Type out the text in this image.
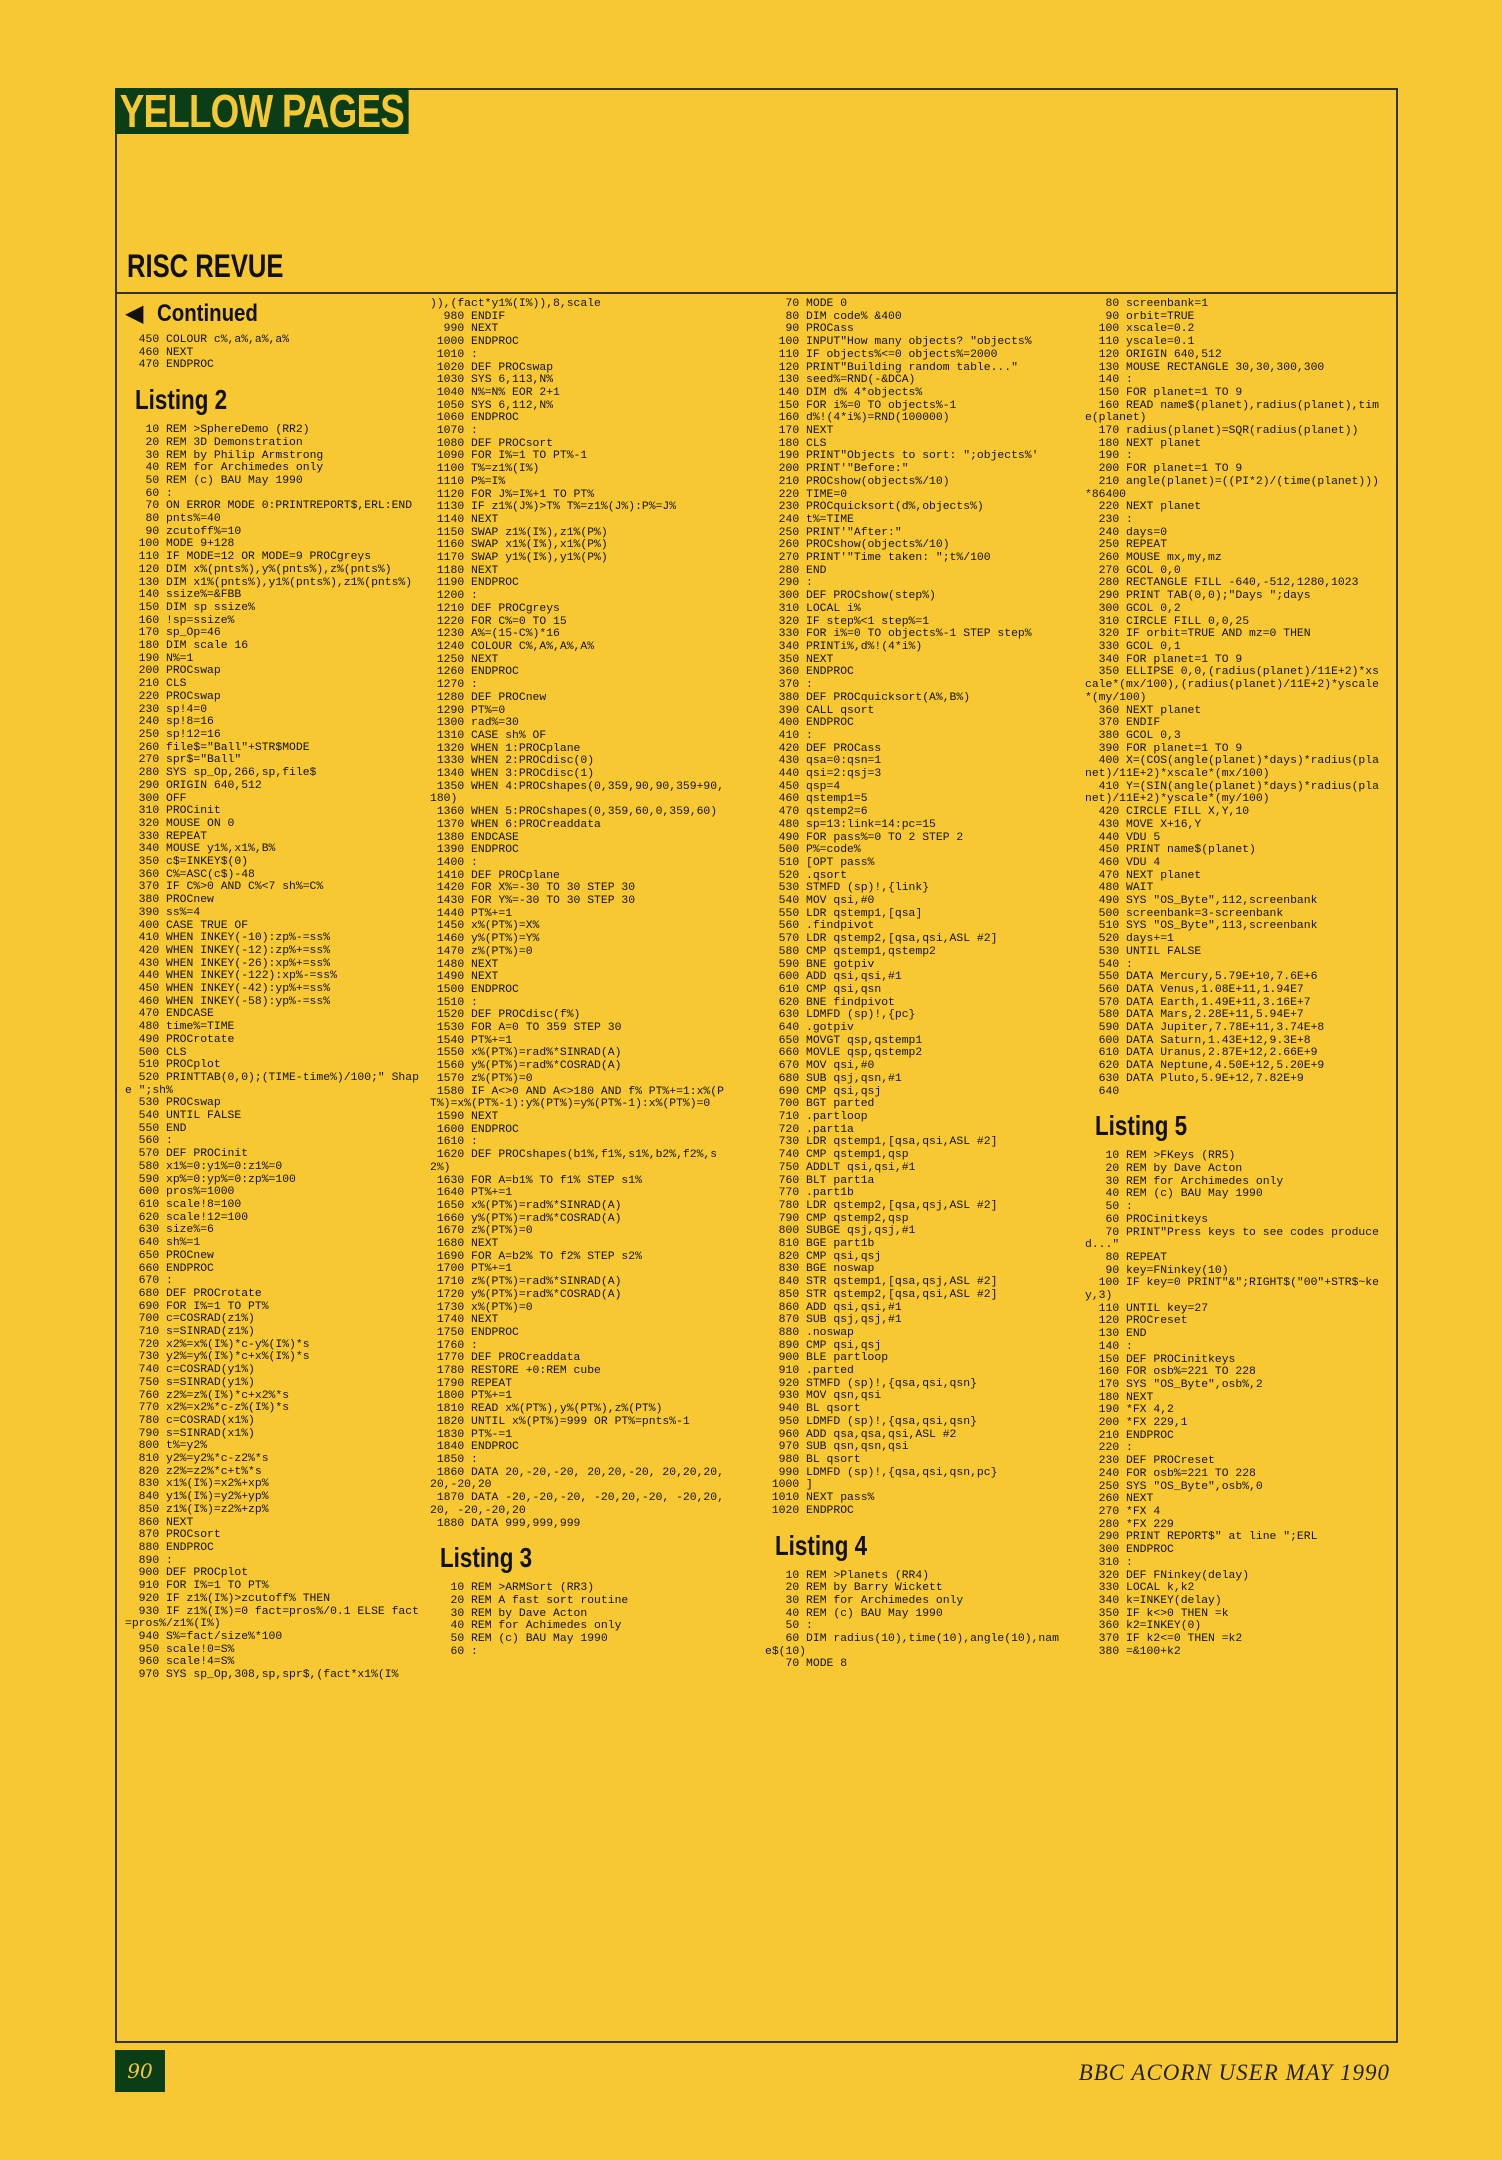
YELLOW PAGES
RISC REVUE
◀ Continued
450 COLOUR c%,a%,a%,a%
460 NEXT
470 ENDPROC
Listing 2
10 REM >SphereDemo (RR2)
20 REM 3D Demonstration
30 REM by Philip Armstrong
40 REM for Archimedes only
50 REM (c) BAU May 1990
60 :
70 ON ERROR MODE 0:PRINTREPORT$,ERL:END
80 pnts%=40
90 zcutoff%=10
100 MODE 9+128
110 IF MODE=12 OR MODE=9 PROCgreys
120 DIM x%(pnts%),y%(pnts%),z%(pnts%)
130 DIM x1%(pnts%),y1%(pnts%),z1%(pnts%)
140 ssize%=&FBB
150 DIM sp ssize%
160 !sp=ssize%
170 sp_Op=46
180 DIM scale 16
190 N%=1
200 PROCswap
210 CLS
220 PROCswap
230 sp!4=0
240 sp!8=16
250 sp!12=16
260 file$="Ball"+STR$MODE
270 spr$="Ball"
280 SYS sp_Op,266,sp,file$
290 ORIGIN 640,512
300 OFF
310 PROCinit
320 MOUSE ON 0
330 REPEAT
340 MOUSE y1%,x1%,B%
350 c$=INKEY$(0)
360 C%=ASC(c$)-48
370 IF C%>0 AND C%<7 sh%=C%
380 PROCnew
390 ss%=4
400 CASE TRUE OF
410 WHEN INKEY(-10):zp%-=ss%
420 WHEN INKEY(-12):zp%+=ss%
430 WHEN INKEY(-26):xp%+=ss%
440 WHEN INKEY(-122):xp%-=ss%
450 WHEN INKEY(-42):yp%+=ss%
460 WHEN INKEY(-58):yp%-=ss%
470 ENDCASE
480 time%=TIME
490 PROCrotate
500 CLS
510 PROCplot
520 PRINTTAB(0,0);(TIME-time%)/100;" Shape ";sh%
530 PROCswap
540 UNTIL FALSE
550 END
560 :
570 DEF PROCinit
580 x1%=0:y1%=0:z1%=0
590 xp%=0:yp%=0:zp%=100
600 pros%=1000
610 scale!8=100
620 scale!12=100
630 size%=6
640 sh%=1
650 PROCnew
660 ENDPROC
670 :
680 DEF PROCrotate
690 FOR I%=1 TO PT%
700 c=COSRAD(z1%)
710 s=SINRAD(z1%)
720 x2%=x%(I%)*c-y%(I%)*s
730 y2%=y%(I%)*c+x%(I%)*s
740 c=COSRAD(y1%)
750 s=SINRAD(y1%)
760 z2%=z%(I%)*c+x2%*s
770 x2%=x2%*c-z%(I%)*s
780 c=COSRAD(x1%)
790 s=SINRAD(x1%)
800 t%=y2%
810 y2%=y2%*c-z2%*s
820 z2%=z2%*c+t%*s
830 x1%(I%)=x2%+xp%
840 y1%(I%)=y2%+yp%
850 z1%(I%)=z2%+zp%
860 NEXT
870 PROCsort
880 ENDPROC
890 :
900 DEF PROCplot
910 FOR I%=1 TO PT%
920 IF z1%(I%)>zcutoff% THEN
930 IF z1%(I%)=0 fact=pros%/0.1 ELSE fact=pros%/z1%(I%)
940 S%=fact/size%*100
950 scale!0=S%
960 scale!4=S%
970 SYS sp_Op,308,sp,spr$,(fact*x1%(I%
)),(fact*y1%(I%)),8,scale
980 ENDIF
990 NEXT
1000 ENDPROC
1010 :
1020 DEF PROCswap
1030 SYS 6,113,N%
1040 N%=N% EOR 2+1
1050 SYS 6,112,N%
1060 ENDPROC
1070 :
1080 DEF PROCsort
1090 FOR I%=1 TO PT%-1
1100 T%=z1%(I%)
1110 P%=I%
1120 FOR J%=I%+1 TO PT%
1130 IF z1%(J%)>T% T%=z1%(J%):P%=J%
1140 NEXT
1150 SWAP z1%(I%),z1%(P%)
1160 SWAP x1%(I%),x1%(P%)
1170 SWAP y1%(I%),y1%(P%)
1180 NEXT
1190 ENDPROC
1200 :
1210 DEF PROCgreys
1220 FOR C%=0 TO 15
1230 A%=(15-C%)*16
1240 COLOUR C%,A%,A%,A%
1250 NEXT
1260 ENDPROC
1270 :
1280 DEF PROCnew
1290 PT%=0
1300 rad%=30
1310 CASE sh% OF
1320 WHEN 1:PROCplane
1330 WHEN 2:PROCdisc(0)
1340 WHEN 3:PROCdisc(1)
1350 WHEN 4:PROCshapes(0,359,90,90,359+90,180)
1360 WHEN 5:PROCshapes(0,359,60,0,359,60)
1370 WHEN 6:PROCreaddata
1380 ENDCASE
1390 ENDPROC
1400 :
1410 DEF PROCplane
1420 FOR X%=-30 TO 30 STEP 30
1430 FOR Y%=-30 TO 30 STEP 30
1440 PT%+=1
1450 x%(PT%)=X%
1460 y%(PT%)=Y%
1470 z%(PT%)=0
1480 NEXT
1490 NEXT
1500 ENDPROC
1510 :
1520 DEF PROCdisc(f%)
1530 FOR A=0 TO 359 STEP 30
1540 PT%+=1
1550 x%(PT%)=rad%*SINRAD(A)
1560 y%(PT%)=rad%*COSRAD(A)
1570 z%(PT%)=0
1580 IF A<>0 AND A<>180 AND f% PT%+=1:x%(PT%)=x%(PT%-1):y%(PT%)=y%(PT%-1):x%(PT%)=0
1590 NEXT
1600 ENDPROC
1610 :
1620 DEF PROCshapes(b1%,f1%,s1%,b2%,f2%,s2%)
1630 FOR A=b1% TO f1% STEP s1%
1640 PT%+=1
1650 x%(PT%)=rad%*SINRAD(A)
1660 y%(PT%)=rad%*COSRAD(A)
1670 z%(PT%)=0
1680 NEXT
1690 FOR A=b2% TO f2% STEP s2%
1700 PT%+=1
1710 z%(PT%)=rad%*SINRAD(A)
1720 y%(PT%)=rad%*COSRAD(A)
1730 x%(PT%)=0
1740 NEXT
1750 ENDPROC
1760 :
1770 DEF PROCreaddata
1780 RESTORE +0:REM cube
1790 REPEAT
1800 PT%+=1
1810 READ x%(PT%),y%(PT%),z%(PT%)
1820 UNTIL x%(PT%)=999 OR PT%=pnts%-1
1830 PT%-=1
1840 ENDPROC
1850 :
1860 DATA 20,-20,-20, 20,20,-20, 20,20,20, 20,-20,20
1870 DATA -20,-20,-20, -20,20,-20, -20,20,20, -20,-20,20
1880 DATA 999,999,999
Listing 3
10 REM >ARMSort (RR3)
20 REM A fast sort routine
30 REM by Dave Acton
40 REM for Achimedes only
50 REM (c) BAU May 1990
60 :
70 MODE 0
80 DIM code% &400
90 PROCass
100 INPUT"How many objects? "objects%
110 IF objects%<=0 objects%=2000
120 PRINT"Building random table..."
130 seed%=RND(-&DCA)
140 DIM d% 4*objects%
150 FOR i%=0 TO objects%-1
160 d%!(4*i%)=RND(100000)
170 NEXT
180 CLS
190 PRINT"Objects to sort: ";objects%'
200 PRINT'"Before:"
210 PROCshow(objects%/10)
220 TIME=0
230 PROCquicksort(d%,objects%)
240 t%=TIME
250 PRINT'"After:"
260 PROCshow(objects%/10)
270 PRINT'"Time taken: ";t%/100
280 END
290 :
300 DEF PROCshow(step%)
310 LOCAL i%
320 IF step%<1 step%=1
330 FOR i%=0 TO objects%-1 STEP step%
340 PRINTi%,d%!(4*i%)
350 NEXT
360 ENDPROC
370 :
380 DEF PROCquicksort(A%,B%)
390 CALL qsort
400 ENDPROC
410 :
420 DEF PROCass
430 qsa=0:qsn=1
440 qsi=2:qsj=3
450 qsp=4
460 qstemp1=5
470 qstemp2=6
480 sp=13:link=14:pc=15
490 FOR pass%=0 TO 2 STEP 2
500 P%=code%
510 [OPT pass%
520 .qsort
530 STMFD (sp)!,{link}
540 MOV qsi,#0
550 LDR qstemp1,[qsa]
560 .findpivot
570 LDR qstemp2,[qsa,qsi,ASL #2]
580 CMP qstemp1,qstemp2
590 BNE gotpiv
600 ADD qsi,qsi,#1
610 CMP qsi,qsn
620 BNE findpivot
630 LDMFD (sp)!,{pc}
640 .gotpiv
650 MOVGT qsp,qstemp1
660 MOVLE qsp,qstemp2
670 MOV qsi,#0
680 SUB qsj,qsn,#1
690 CMP qsi,qsj
700 BGT parted
710 .partloop
720 .part1a
730 LDR qstemp1,[qsa,qsi,ASL #2]
740 CMP qstemp1,qsp
750 ADDLT qsi,qsi,#1
760 BLT part1a
770 .part1b
780 LDR qstemp2,[qsa,qsj,ASL #2]
790 CMP qstemp2,qsp
800 SUBGE qsj,qsj,#1
810 BGE part1b
820 CMP qsi,qsj
830 BGE noswap
840 STR qstemp1,[qsa,qsj,ASL #2]
850 STR qstemp2,[qsa,qsi,ASL #2]
860 ADD qsi,qsi,#1
870 SUB qsj,qsj,#1
880 .noswap
890 CMP qsi,qsj
900 BLE partloop
910 .parted
920 STMFD (sp)!,{qsa,qsi,qsn}
930 MOV qsn,qsi
940 BL qsort
950 LDMFD (sp)!,{qsa,qsi,qsn}
960 ADD qsa,qsa,qsi,ASL #2
970 SUB qsn,qsn,qsi
980 BL qsort
990 LDMFD (sp)!,{qsa,qsi,qsn,pc}
1000 ]
1010 NEXT pass%
1020 ENDPROC
Listing 4
10 REM >Planets (RR4)
20 REM by Barry Wickett
30 REM for Archimedes only
40 REM (c) BAU May 1990
50 :
60 DIM radius(10),time(10),angle(10),name$(10)
70 MODE 8
80 screenbank=1
90 orbit=TRUE
100 xscale=0.2
110 yscale=0.1
120 ORIGIN 640,512
130 MOUSE RECTANGLE 30,30,300,300
140 :
150 FOR planet=1 TO 9
160 READ name$(planet),radius(planet),time(planet)
170 radius(planet)=SQR(radius(planet))
180 NEXT planet
190 :
200 FOR planet=1 TO 9
210 angle(planet)=((PI*2)/(time(planet)))*86400
220 NEXT planet
230 :
240 days=0
250 REPEAT
260 MOUSE mx,my,mz
270 GCOL 0,0
280 RECTANGLE FILL -640,-512,1280,1023
290 PRINT TAB(0,0);"Days ";days
300 GCOL 0,2
310 CIRCLE FILL 0,0,25
320 IF orbit=TRUE AND mz=0 THEN
330 GCOL 0,1
340 FOR planet=1 TO 9
350 ELLIPSE 0,0,(radius(planet)/11E+2)*xscale*(mx/100),(radius(planet)/11E+2)*yscale*(my/100)
360 NEXT planet
370 ENDIF
380 GCOL 0,3
390 FOR planet=1 TO 9
400 X=(COS(angle(planet)*days)*radius(planet)/11E+2)*xscale*(mx/100)
410 Y=(SIN(angle(planet)*days)*radius(planet)/11E+2)*yscale*(my/100)
420 CIRCLE FILL X,Y,10
430 MOVE X+16,Y
440 VDU 5
450 PRINT name$(planet)
460 VDU 4
470 NEXT planet
480 WAIT
490 SYS "OS_Byte",112,screenbank
500 screenbank=3-screenbank
510 SYS "OS_Byte",113,screenbank
520 days+=1
530 UNTIL FALSE
540 :
550 DATA Mercury,5.79E+10,7.6E+6
560 DATA Venus,1.08E+11,1.94E7
570 DATA Earth,1.49E+11,3.16E+7
580 DATA Mars,2.28E+11,5.94E+7
590 DATA Jupiter,7.78E+11,3.74E+8
600 DATA Saturn,1.43E+12,9.3E+8
610 DATA Uranus,2.87E+12,2.66E+9
620 DATA Neptune,4.50E+12,5.20E+9
630 DATA Pluto,5.9E+12,7.82E+9
640
Listing 5
10 REM >FKeys (RR5)
20 REM by Dave Acton
30 REM for Archimedes only
40 REM (c) BAU May 1990
50 :
60 PROCinitkeys
70 PRINT"Press keys to see codes produced..."
80 REPEAT
90 key=FNinkey(10)
100 IF key=0 PRINT"&";RIGHT$("00"+STR$~key,3)
110 UNTIL key=27
120 PROCreset
130 END
140 :
150 DEF PROCinitkeys
160 FOR osb%=221 TO 228
170 SYS "OS_Byte",osb%,2
180 NEXT
190 *FX 4,2
200 *FX 229,1
210 ENDPROC
220 :
230 DEF PROCreset
240 FOR osb%=221 TO 228
250 SYS "OS_Byte",osb%,0
260 NEXT
270 *FX 4
280 *FX 229
290 PRINT REPORT$" at line ";ERL
300 ENDPROC
310 :
320 DEF FNinkey(delay)
330 LOCAL k,k2
340 k=INKEY(delay)
350 IF k<>0 THEN =k
360 k2=INKEY(0)
370 IF k2<=0 THEN =k2
380 =&100+k2
90	BBC ACORN USER MAY 1990
